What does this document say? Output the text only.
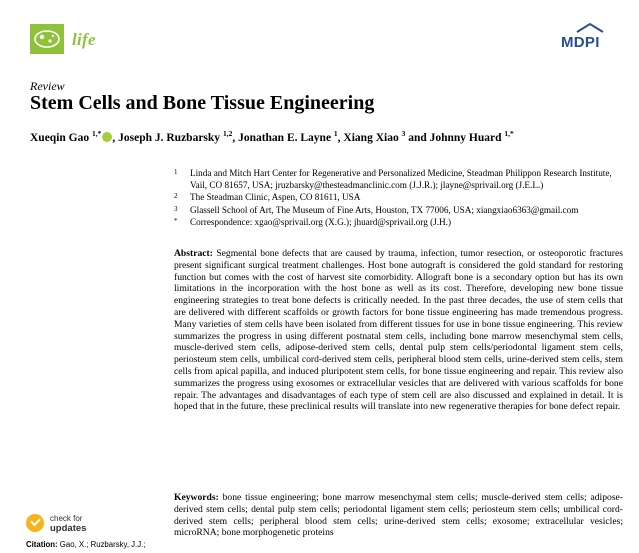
life	MDPI
Review
Stem Cells and Bone Tissue Engineering
Xueqin Gao $^{1,*}$ , Joseph J. Ruzbarsky $^{1,2}$, Jonathan E. Layne $^1$, Xiang Xiao $^3$ and Johnny Huard $^{1,*}$
1 Linda and Mitch Hart Center for Regenerative and Personalized Medicine, Steadman Philippon Research Institute, Vail, CO 81657, USA; jruzbarsky@thesteadmanclinic.com (J.J.R.); jlayne@sprivail.org (J.E.L.)
2 The Steadman Clinic, Aspen, CO 81611, USA
3 Glassell School of Art, The Museum of Fine Arts, Houston, TX 77006, USA; xiangxiao6363@gmail.com
* Correspondence: xgao@sprivail.org (X.G.); jhuard@sprivail.org (J.H.)
Abstract: Segmental bone defects that are caused by trauma, infection, tumor resection, or osteoporotic fractures present significant surgical treatment challenges. Host bone autograft is considered the gold standard for restoring function but comes with the cost of harvest site comorbidity. Allograft bone is a secondary option but has its own limitations in the incorporation with the host bone as well as its cost. Therefore, developing new bone tissue engineering strategies to treat bone defects is critically needed. In the past three decades, the use of stem cells that are delivered with different scaffolds or growth factors for bone tissue engineering has made tremendous progress. Many varieties of stem cells have been isolated from different tissues for use in bone tissue engineering. This review summarizes the progress in using different postnatal stem cells, including bone marrow mesenchymal stem cells, muscle-derived stem cells, adipose-derived stem cells, dental pulp stem cells/periodontal ligament stem cells, periosteum stem cells, umbilical cord-derived stem cells, peripheral blood stem cells, urine-derived stem cells, stem cells from apical papilla, and induced pluripotent stem cells, for bone tissue engineering and repair. This review also summarizes the progress using exosomes or extracellular vesicles that are delivered with various scaffolds for bone repair. The advantages and disadvantages of each type of stem cell are also discussed and explained in detail. It is hoped that in the future, these preclinical results will translate into new regenerative therapies for bone defect repair.
Keywords: bone tissue engineering; bone marrow mesenchymal stem cells; muscle-derived stem cells; adipose-derived stem cells; dental pulp stem cells; periodontal ligament stem cells; periosteum stem cells; umbilical cord-derived stem cells; peripheral blood stem cells; urine-derived stem cells; exosome; extracellular vesicles; microRNA; bone morphogenetic proteins
check for
updates
Citation: Gao, X.; Ruzbarsky, J.J.;
